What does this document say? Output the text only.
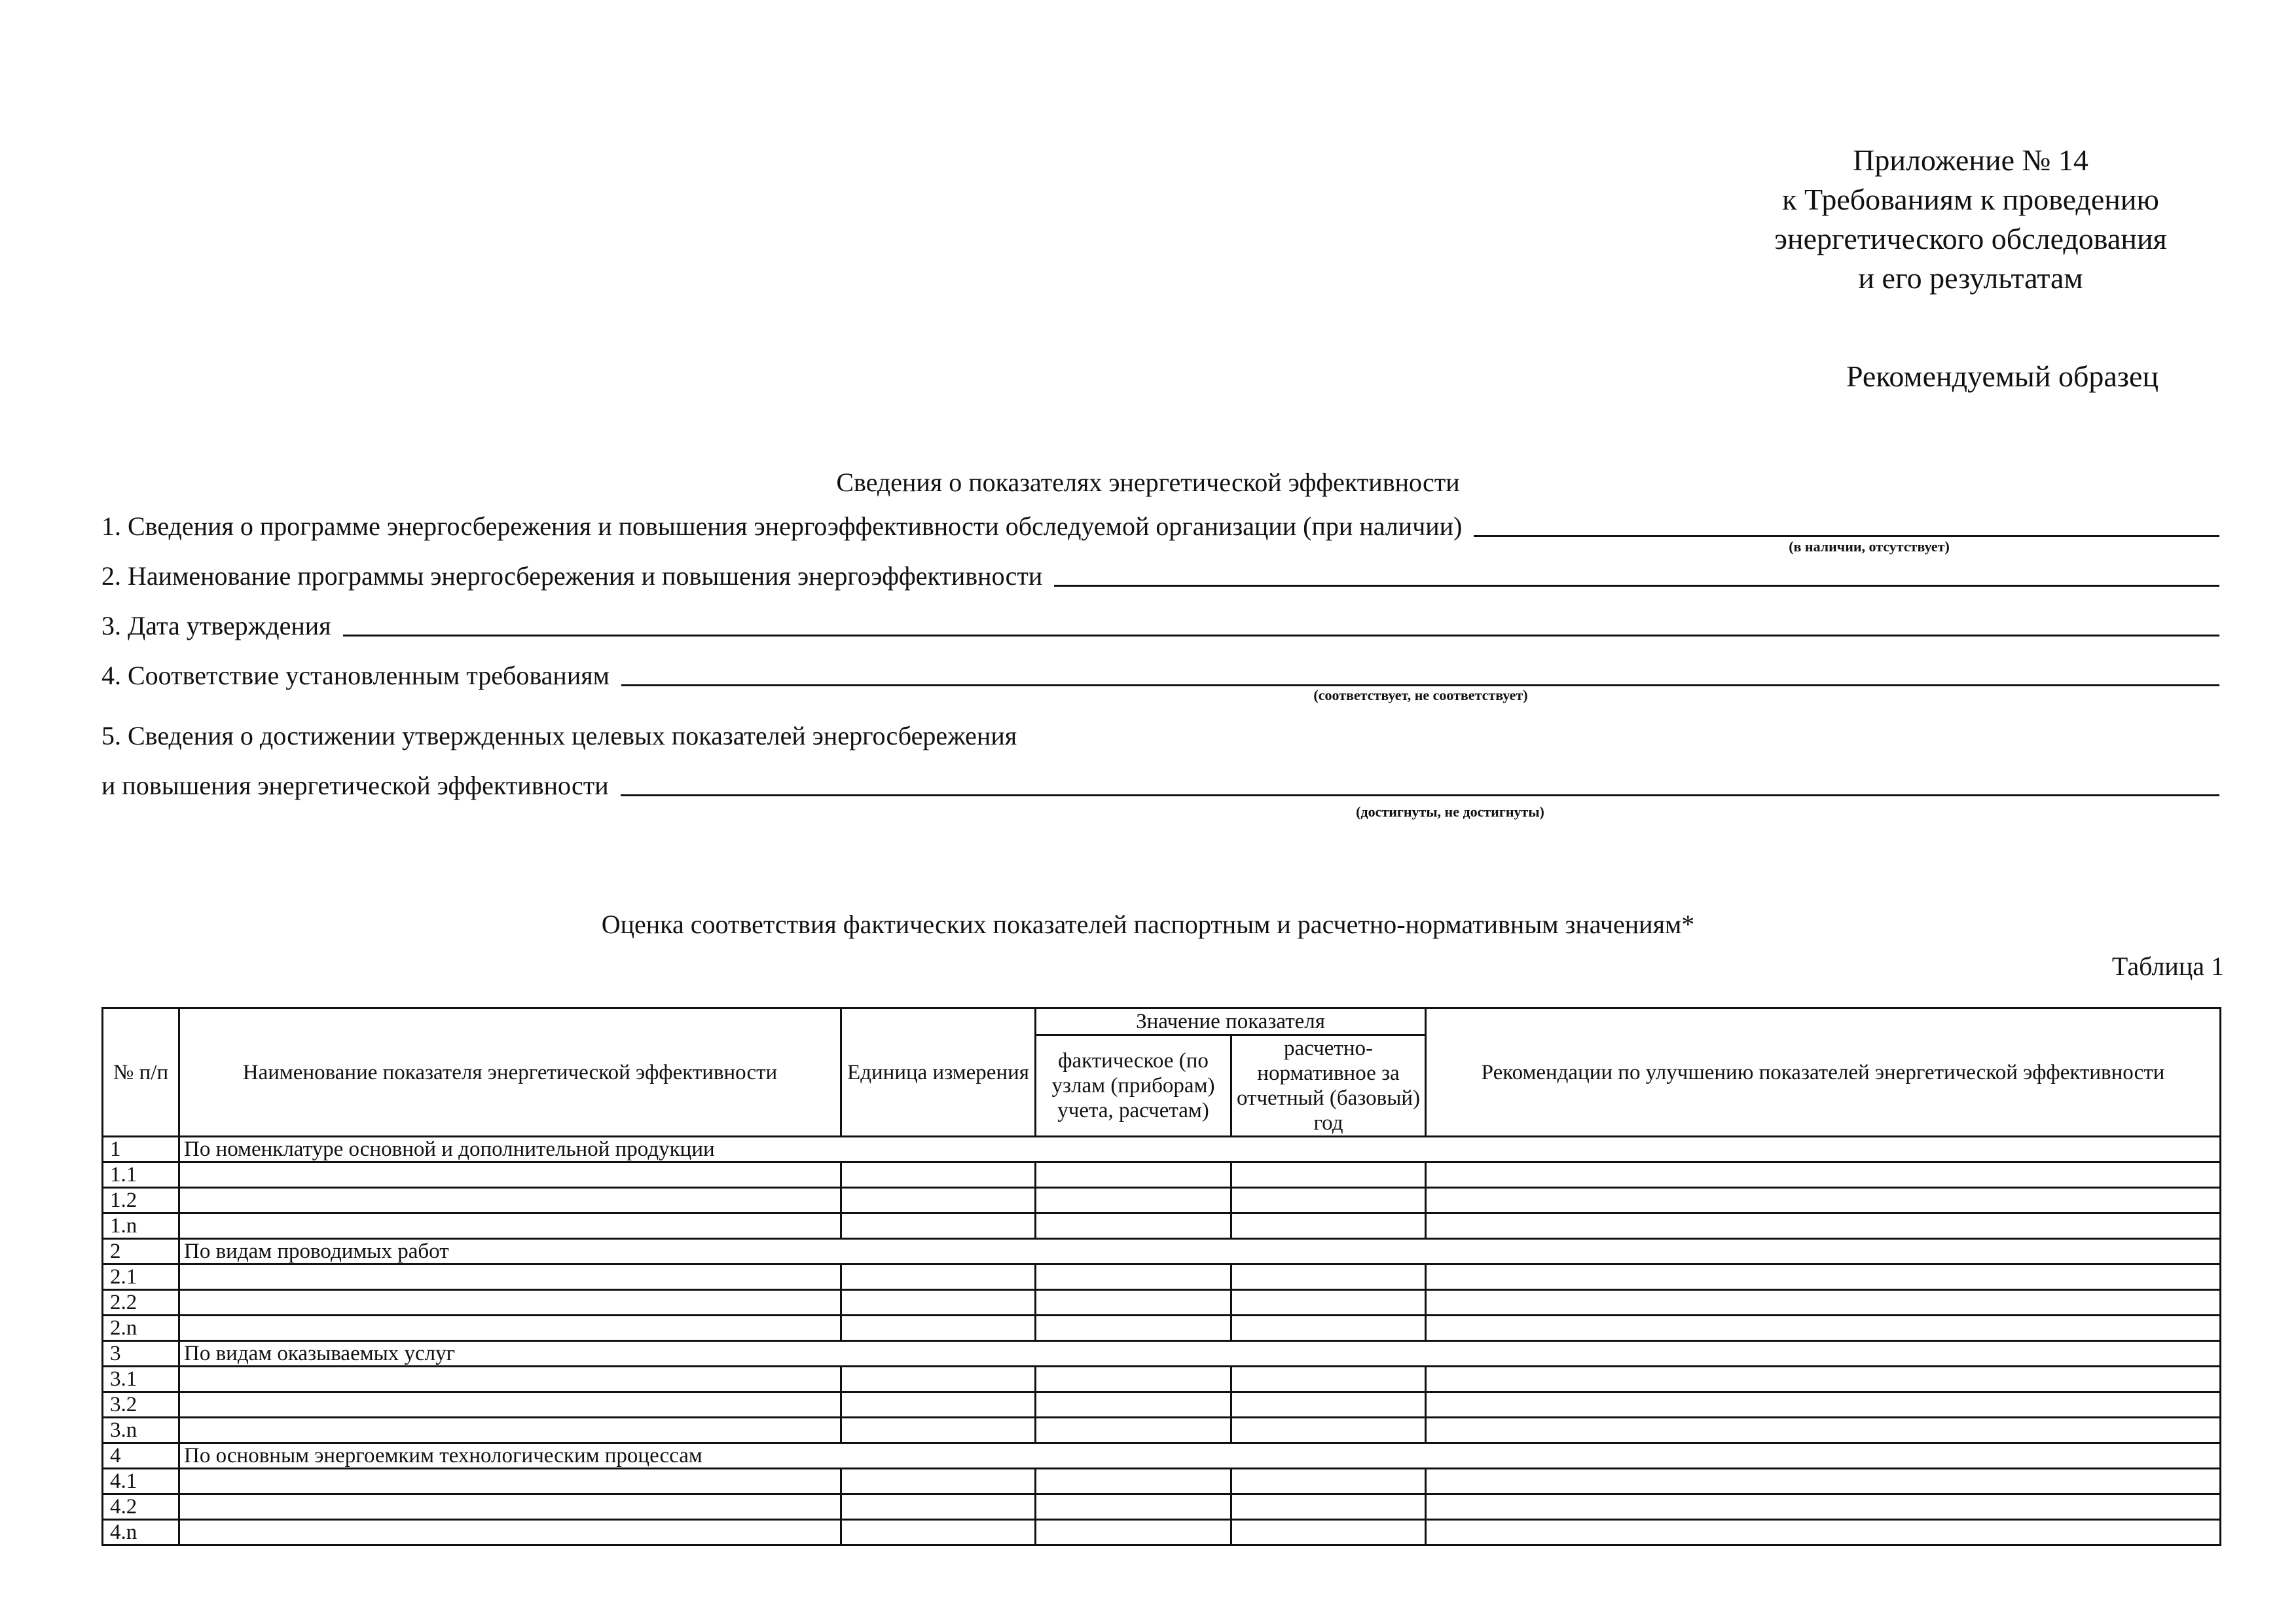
Приложение № 14
к Требованиям к проведению
энергетического обследования
и его результатам
Рекомендуемый образец
Сведения о показателях энергетической эффективности
1. Сведения о программе энергосбережения и повышения энергоэффективности обследуемой организации (при наличии)
(в наличии, отсутствует)
2. Наименование программы энергосбережения и повышения энергоэффективности
3. Дата утверждения
4. Соответствие установленным требованиям
(соответствует, не соответствует)
5. Сведения о достижении утвержденных целевых показателей энергосбережения
и повышения энергетической эффективности
(достигнуты, не достигнуты)
Оценка соответствия фактических показателей паспортным и расчетно-нормативным значениям*
Таблица 1
№ п/п	Наименование показателя энергетической эффективности	Единица измерения	Значение показателя		Рекомендации по улучшению показателей энергетической эффективности
			фактическое (по узлам (приборам) учета, расчетам)	расчетно-нормативное за отчетный (базовый) год	
1	По номенклатуре основной и дополнительной продукции				
1.1					
1.2					
1.n					
2	По видам проводимых работ				
2.1					
2.2					
2.n					
3	По видам оказываемых услуг				
3.1					
3.2					
3.n					
4	По основным энергоемким технологическим процессам				
4.1					
4.2					
4.n					
